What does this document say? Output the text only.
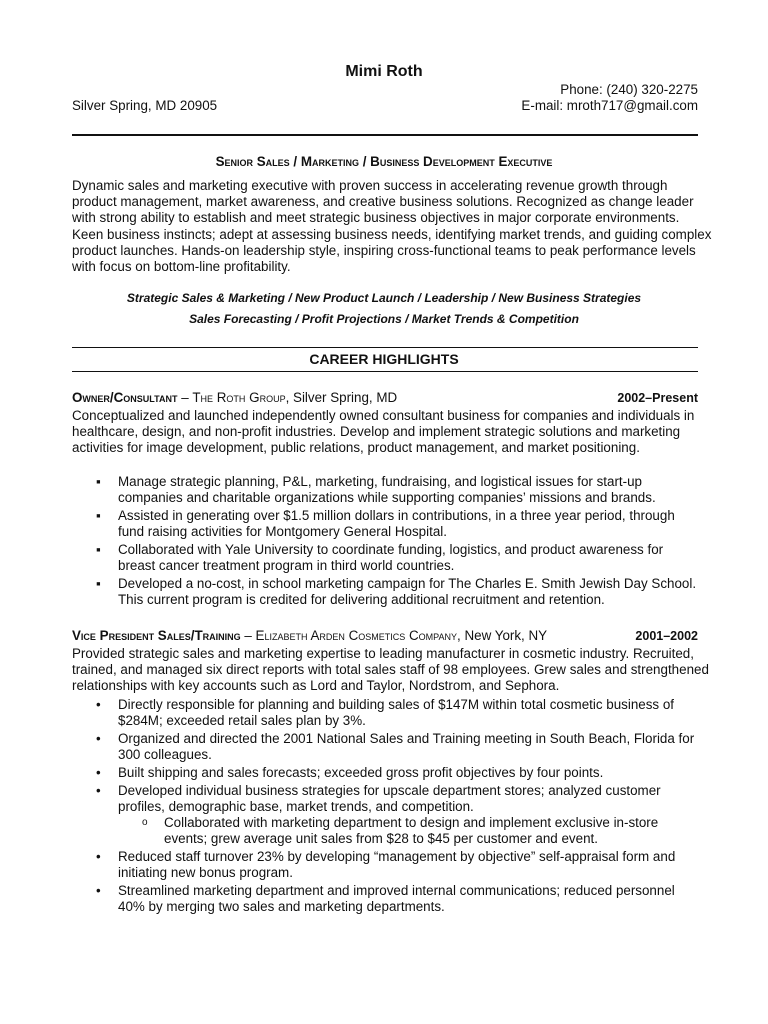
Mimi Roth
Silver Spring, MD 20905
Phone: (240) 320-2275
E-mail: mroth717@gmail.com
Senior Sales / Marketing / Business Development Executive
Dynamic sales and marketing executive with proven success in accelerating revenue growth through product management, market awareness, and creative business solutions. Recognized as change leader with strong ability to establish and meet strategic business objectives in major corporate environments. Keen business instincts; adept at assessing business needs, identifying market trends, and guiding complex product launches. Hands-on leadership style, inspiring cross-functional teams to peak performance levels with focus on bottom-line profitability.
Strategic Sales & Marketing / New Product Launch / Leadership / New Business Strategies
Sales Forecasting / Profit Projections / Market Trends & Competition
CAREER HIGHLIGHTS
Owner/Consultant – The Roth Group, Silver Spring, MD	2002–Present
Conceptualized and launched independently owned consultant business for companies and individuals in healthcare, design, and non-profit industries. Develop and implement strategic solutions and marketing activities for image development, public relations, product management, and market positioning.
▪ Manage strategic planning, P&L, marketing, fundraising, and logistical issues for start-up companies and charitable organizations while supporting companies’ missions and brands.
▪ Assisted in generating over $1.5 million dollars in contributions, in a three year period, through fund raising activities for Montgomery General Hospital.
▪ Collaborated with Yale University to coordinate funding, logistics, and product awareness for breast cancer treatment program in third world countries.
▪ Developed a no-cost, in school marketing campaign for The Charles E. Smith Jewish Day School. This current program is credited for delivering additional recruitment and retention.
Vice President Sales/Training – Elizabeth Arden Cosmetics Company, New York, NY	2001–2002
Provided strategic sales and marketing expertise to leading manufacturer in cosmetic industry. Recruited, trained, and managed six direct reports with total sales staff of 98 employees. Grew sales and strengthened relationships with key accounts such as Lord and Taylor, Nordstrom, and Sephora.
• Directly responsible for planning and building sales of $147M within total cosmetic business of $284M; exceeded retail sales plan by 3%.
• Organized and directed the 2001 National Sales and Training meeting in South Beach, Florida for 300 colleagues.
• Built shipping and sales forecasts; exceeded gross profit objectives by four points.
• Developed individual business strategies for upscale department stores; analyzed customer profiles, demographic base, market trends, and competition.
o Collaborated with marketing department to design and implement exclusive in-store events; grew average unit sales from $28 to $45 per customer and event.
• Reduced staff turnover 23% by developing “management by objective” self-appraisal form and initiating new bonus program.
• Streamlined marketing department and improved internal communications; reduced personnel 40% by merging two sales and marketing departments.
